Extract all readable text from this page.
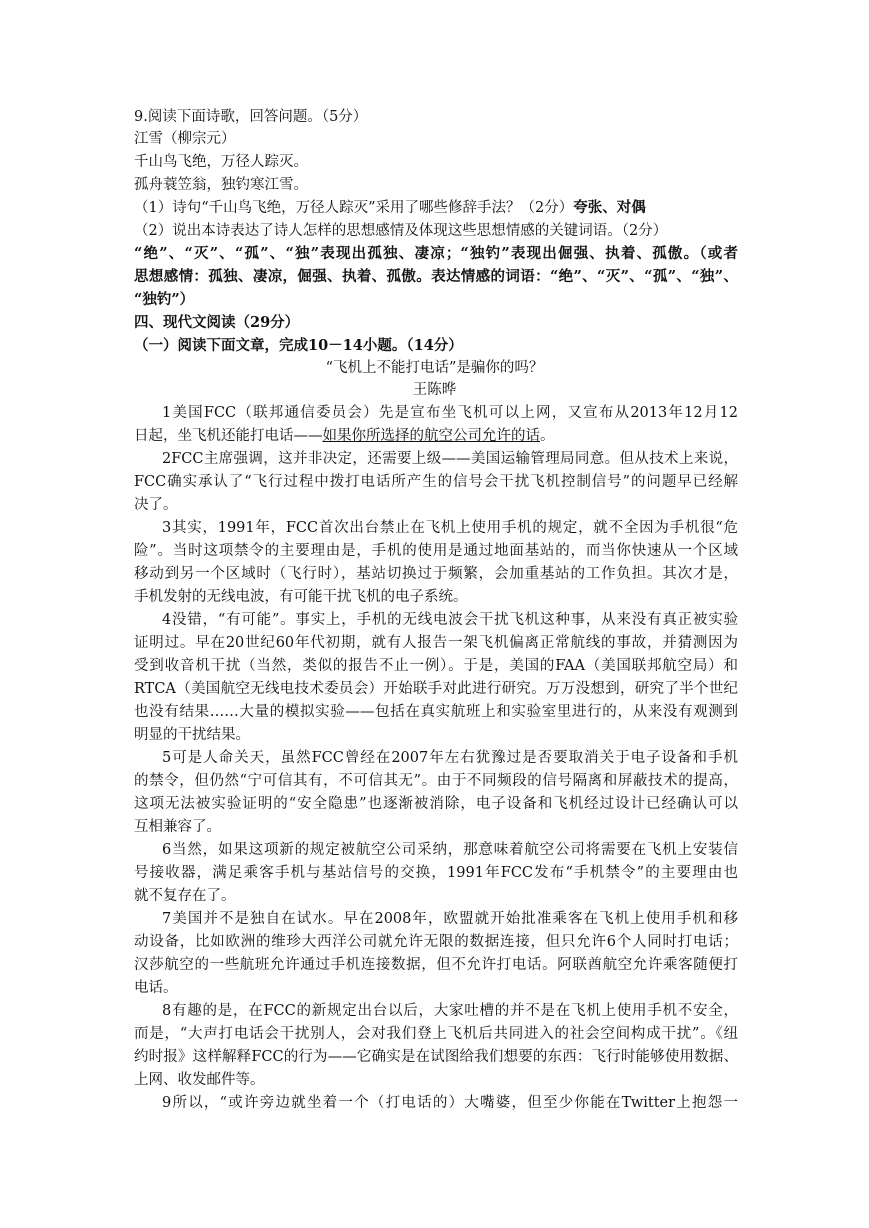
9.阅读下面诗歌，回答问题。（5分）
江雪（柳宗元）
千山鸟飞绝，万径人踪灭。
孤舟蓑笠翁，独钓寒江雪。
（1）诗句“千山鸟飞绝，万径人踪灭”采用了哪些修辞手法？（2分）夸张、对偶
（2）说出本诗表达了诗人怎样的思想感情及体现这些思想情感的关键词语。（2分）
“绝”、“灭”、“孤”、“独”表现出孤独、凄凉；“独钓”表现出倔强、执着、孤傲。（或者
思想感情：孤独、凄凉，倔强、执着、孤傲。表达情感的词语：“绝”、“灭”、“孤”、“独”、
“独钓”）
四、现代文阅读（29分）
（一）阅读下面文章，完成10－14小题。（14分）
“飞机上不能打电话”是骗你的吗？
王陈晔
1美国FCC（联邦通信委员会）先是宣布坐飞机可以上网，又宣布从2013年12月12
日起，坐飞机还能打电话——如果你所选择的航空公司允许的话。
2FCC主席强调，这并非决定，还需要上级——美国运输管理局同意。但从技术上来说，
FCC确实承认了“飞行过程中拨打电话所产生的信号会干扰飞机控制信号”的问题早已经解
决了。
3其实，1991年，FCC首次出台禁止在飞机上使用手机的规定，就不全因为手机很“危
险”。当时这项禁令的主要理由是，手机的使用是通过地面基站的，而当你快速从一个区域
移动到另一个区域时（飞行时），基站切换过于频繁，会加重基站的工作负担。其次才是，
手机发射的无线电波，有可能干扰飞机的电子系统。
4没错，“有可能”。事实上，手机的无线电波会干扰飞机这种事，从来没有真正被实验
证明过。早在20世纪60年代初期，就有人报告一架飞机偏离正常航线的事故，并猜测因为
受到收音机干扰（当然，类似的报告不止一例）。于是，美国的FAA（美国联邦航空局）和
RTCA（美国航空无线电技术委员会）开始联手对此进行研究。万万没想到，研究了半个世纪
也没有结果……大量的模拟实验——包括在真实航班上和实验室里进行的，从来没有观测到
明显的干扰结果。
5可是人命关天，虽然FCC曾经在2007年左右犹豫过是否要取消关于电子设备和手机
的禁令，但仍然“宁可信其有，不可信其无”。由于不同频段的信号隔离和屏蔽技术的提高，
这项无法被实验证明的“安全隐患”也逐渐被消除，电子设备和飞机经过设计已经确认可以
互相兼容了。
6当然，如果这项新的规定被航空公司采纳，那意味着航空公司将需要在飞机上安装信
号接收器，满足乘客手机与基站信号的交换，1991年FCC发布“手机禁令”的主要理由也
就不复存在了。
7美国并不是独自在试水。早在2008年，欧盟就开始批准乘客在飞机上使用手机和移
动设备，比如欧洲的维珍大西洋公司就允许无限的数据连接，但只允许6个人同时打电话；
汉莎航空的一些航班允许通过手机连接数据，但不允许打电话。阿联酋航空允许乘客随便打
电话。
8有趣的是，在FCC的新规定出台以后，大家吐槽的并不是在飞机上使用手机不安全，
而是，“大声打电话会干扰别人，会对我们登上飞机后共同进入的社会空间构成干扰”。《纽
约时报》这样解释FCC的行为——它确实是在试图给我们想要的东西：飞行时能够使用数据、
上网、收发邮件等。
9所以，“或许旁边就坐着一个（打电话的）大嘴婆，但至少你能在Twitter上抱怨一
